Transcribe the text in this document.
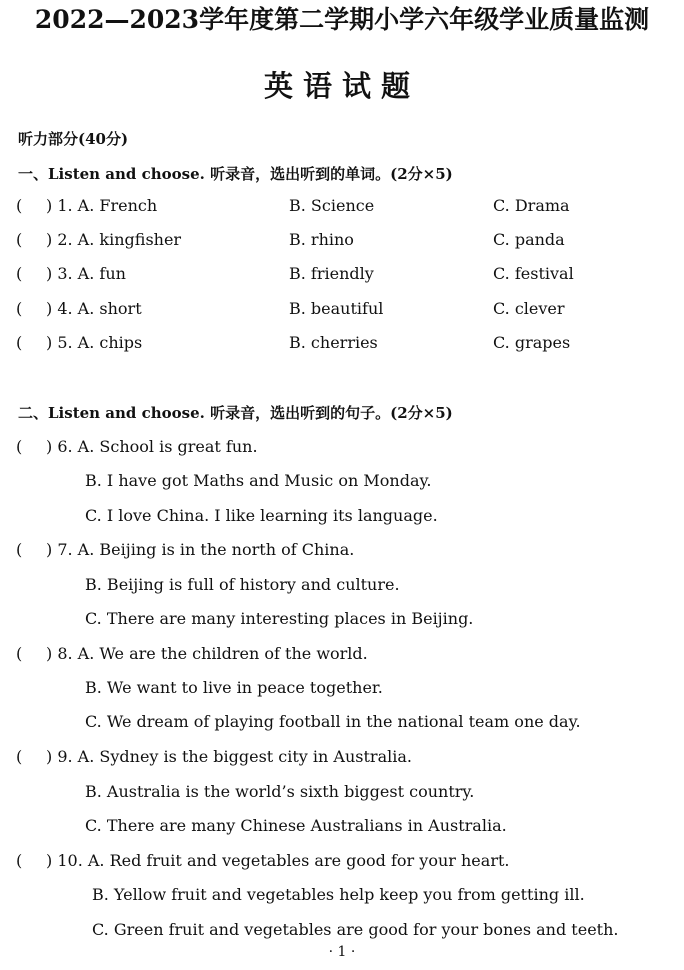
2022—2023学年度第二学期小学六年级学业质量监测
英语试题
听力部分(40分)
一、Listen and choose. 听录音，选出听到的单词。(2分×5)
( ) 1. A. French	B. Science	C. Drama
( ) 2. A. kingfisher	B. rhino	C. panda
( ) 3. A. fun	B. friendly	C. festival
( ) 4. A. short	B. beautiful	C. clever
( ) 5. A. chips	B. cherries	C. grapes
二、Listen and choose. 听录音，选出听到的句子。(2分×5)
( ) 6. A. School is great fun.
B. I have got Maths and Music on Monday.
C. I love China. I like learning its language.
( ) 7. A. Beijing is in the north of China.
B. Beijing is full of history and culture.
C. There are many interesting places in Beijing.
( ) 8. A. We are the children of the world.
B. We want to live in peace together.
C. We dream of playing football in the national team one day.
( ) 9. A. Sydney is the biggest city in Australia.
B. Australia is the world’s sixth biggest country.
C. There are many Chinese Australians in Australia.
( ) 10. A. Red fruit and vegetables are good for your heart.
B. Yellow fruit and vegetables help keep you from getting ill.
C. Green fruit and vegetables are good for your bones and teeth.
· 1 ·
